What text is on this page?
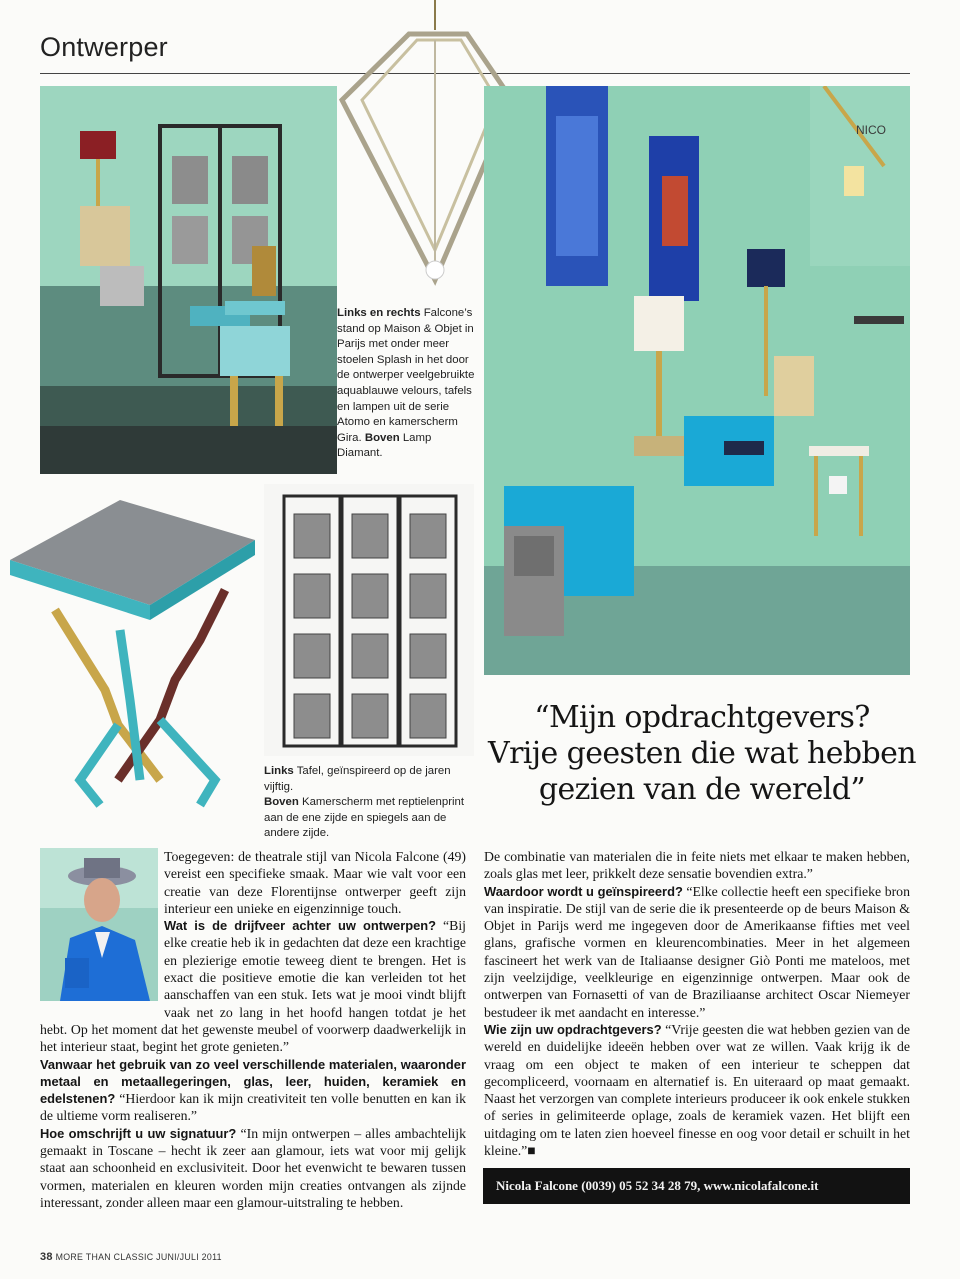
Ontwerper
NICO
Links en rechts Falcone’s stand op Maison & Objet in Parijs met onder meer stoelen Splash in het door de ontwerper veelgebruikte aquablauwe velours, tafels en lampen uit de serie Atomo en kamerscherm Gira. Boven Lamp Diamant.
Links Tafel, geïnspireerd op de jaren vijftig.
Boven Kamerscherm met reptielenprint aan de ene zijde en spiegels aan de andere zijde.
“Mijn opdrachtgevers?
Vrije geesten die wat hebben
gezien van de wereld”

Toegegeven: de theatrale stijl van Nicola Falcone (49) vereist een specifieke smaak. Maar wie valt voor een creatie van deze Florentijnse ontwerper geeft zijn interieur een unieke en eigenzinnige touch.
Wat is de drijfveer achter uw ontwerpen? “Bij elke creatie heb ik in gedachten dat deze een krachtige en plezierige emotie teweeg dient te brengen. Het is exact die positieve emotie die kan verleiden tot het aanschaffen van een stuk. Iets wat je mooi vindt blijft vaak net zo lang in het hoofd hangen totdat je het hebt. Op het moment dat het gewenste meubel of voorwerp daadwerkelijk in het interieur staat, begint het grote genieten.”
Vanwaar het gebruik van zo veel verschillende materialen, waaronder metaal en metaallegeringen, glas, leer, huiden, keramiek en edelstenen? “Hierdoor kan ik mijn creativiteit ten volle benutten en kan ik de ultieme vorm realiseren.”
Hoe omschrijft u uw signatuur? “In mijn ontwerpen – alles ambachtelijk gemaakt in Toscane – hecht ik zeer aan glamour, iets wat voor mij gelijk staat aan schoonheid en exclusiviteit. Door het evenwicht te bewaren tussen vormen, materialen en kleuren worden mijn creaties ontvangen als zijnde interessant, zonder alleen maar een glamour-uitstraling te hebben.

De combinatie van materialen die in feite niets met elkaar te maken hebben, zoals glas met leer, prikkelt deze sensatie bovendien extra.”
Waardoor wordt u geïnspireerd? “Elke collectie heeft een specifieke bron van inspiratie. De stijl van de serie die ik presenteerde op de beurs Maison & Objet in Parijs werd me ingegeven door de Amerikaanse fifties met veel glans, grafische vormen en kleurencombinaties. Meer in het algemeen fascineert het werk van de Italiaanse designer Giò Ponti me mateloos, met zijn veelzijdige, veelkleurige en eigenzinnige ontwerpen. Maar ook de ontwerpen van Fornasetti of van de Braziliaanse architect Oscar Niemeyer bestudeer ik met aandacht en interesse.”
Wie zijn uw opdrachtgevers? “Vrije geesten die wat hebben gezien van de wereld en duidelijke ideeën hebben over wat ze willen. Vaak krijg ik de vraag om een object te maken of een interieur te scheppen dat gecompliceerd, voornaam en alternatief is. En uiteraard op maat gemaakt. Naast het verzorgen van complete interieurs produceer ik ook enkele stukken of series in gelimiteerde oplage, zoals de keramiek vazen. Het blijft een uitdaging om te laten zien hoeveel finesse en oog voor detail er schuilt in het kleine.”■

Nicola Falcone (0039) 05 52 34 28 79, www.nicolafalcone.it
38 MORE THAN CLASSIC JUNI/JULI 2011
